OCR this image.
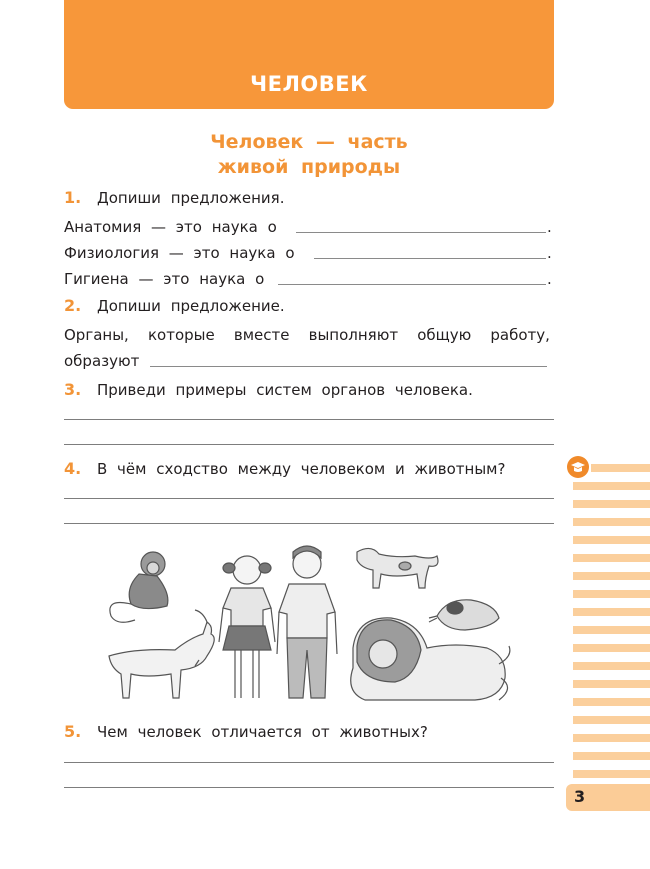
ЧЕЛОВЕК
Человек — часть
живой природы
1. Допиши предложения.
Анатомия — это наука о	.
Физиология — это наука о	.
Гигиена — это наука о	.
2. Допиши предложение.
Органы, которые вместе выполняют общую работу,
образуют
3. Приведи примеры систем органов человека.
4. В чём сходство между человеком и животным?
5. Чем человек отличается от животных?
3
